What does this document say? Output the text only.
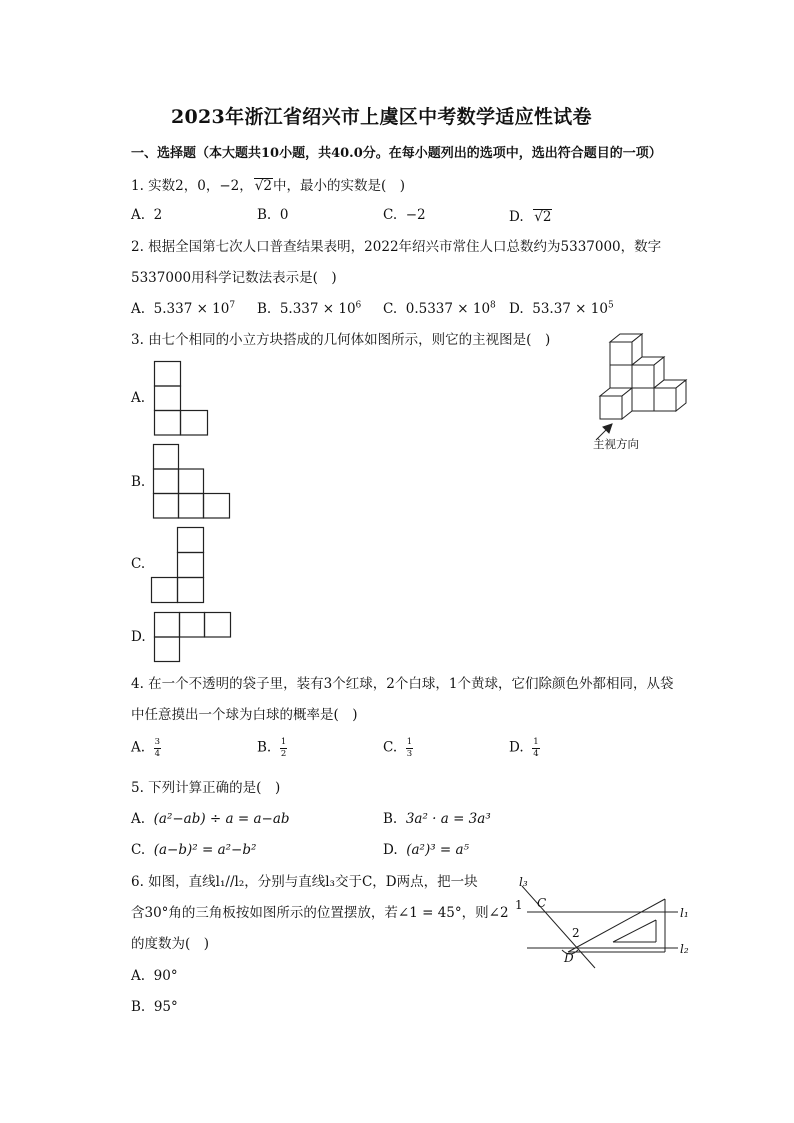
2023年浙江省绍兴市上虞区中考数学适应性试卷
一、选择题（本大题共10小题，共40.0分。在每小题列出的选项中，选出符合题目的一项）
1. 实数2，0，−2， √2中，最小的实数是(　)
A. 2	B. 0	C. −2	D. √2
2. 根据全国第七次人口普查结果表明，2022年绍兴市常住人口总数约为5337000，数字
5337000用科学记数法表示是(　)
A. $5.337 \times 10^7$ B. $5.337 \times 10^6$ C. $0.5337 \times 10^8$ D. $53.37 \times 10^5$
3. 由七个相同的小立方块搭成的几何体如图所示，则它的主视图是(　)
A.
B.
C.
D.
主视方向
4. 在一个不透明的袋子里，装有3个红球，2个白球，1个黄球，它们除颜色外都相同，从袋
中任意摸出一个球为白球的概率是(　)
A. $\frac{3}{4}$	B. $\frac{1}{2}$	C. $\frac{1}{3}$	D. $\frac{1}{4}$
5. 下列计算正确的是(　)
A. (a²−ab) ÷ a = a−ab	B. 3a² · a = 3a³
C. (a−b)² = a²−b²	D. (a²)³ = a⁵
6. 如图，直线l₁//l₂，分别与直线l₃交于C，D两点，把一块
含30°角的三角板按如图所示的位置摆放，若∠1 = 45°，则∠2
的度数为(　)
A. 90°
B. 95°
l₃
1 C
l₁
2
l₂
D
